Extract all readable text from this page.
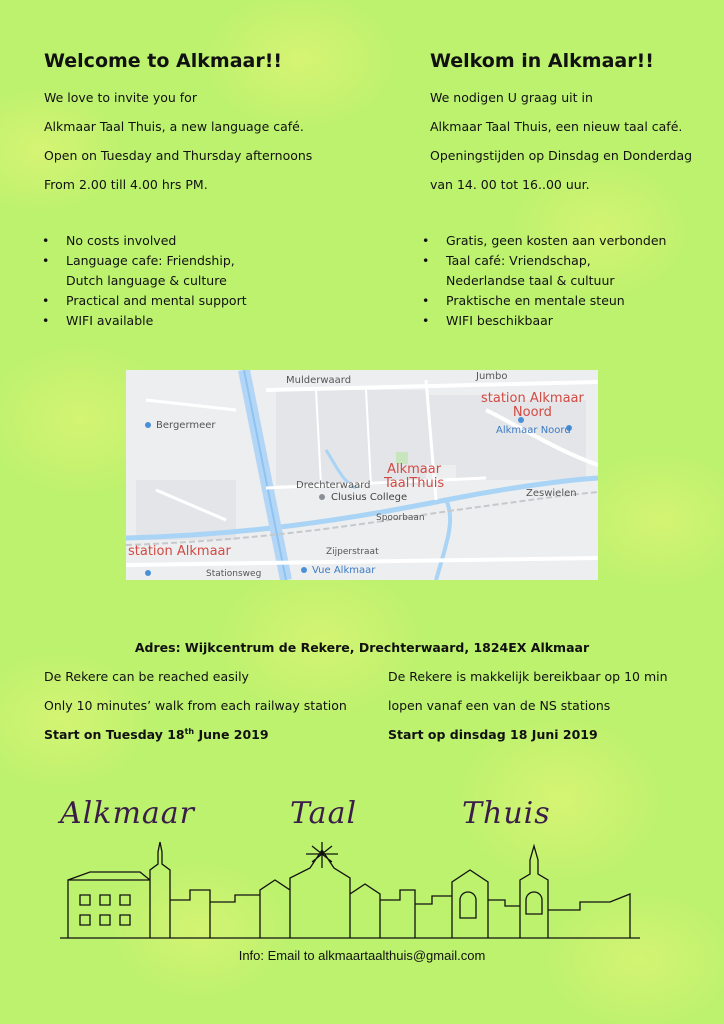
Welcome to Alkmaar!!
We love to invite you for
Alkmaar Taal Thuis, a new language café.
Open on Tuesday and Thursday afternoons
From 2.00 till 4.00 hrs PM.
Welkom in Alkmaar!!
We nodigen U graag uit in
Alkmaar Taal Thuis, een nieuw taal café.
Openingstijden op Dinsdag en Donderdag
van 14. 00 tot 16..00 uur.
• No costs involved
• Language cafe: Friendship,
Dutch language & culture
• Practical and mental support
• WIFI available
• Gratis, geen kosten aan verbonden
• Taal café: Vriendschap,
Nederlandse taal & cultuur
• Praktische en mentale steun
• WIFI beschikbaar
Mulderwaard	Jumbo
Bergermeer
Drechterwaard
Clusius College
Alkmaar Noord
Zeswielen
Spoorbaan
Zijperstraat
Stationsweg	Vue Alkmaar
station Alkmaar
Noord
Alkmaar
TaalThuis
station Alkmaar
Adres: Wijkcentrum de Rekere, Drechterwaard, 1824EX Alkmaar
De Rekere can be reached easily
Only 10 minutes’ walk from each railway station
Start on Tuesday 18th June 2019
De Rekere is makkelijk bereikbaar op 10 min
lopen vanaf een van de NS stations
Start op dinsdag 18 Juni 2019
Alkmaar	Taal	Thuis
Info: Email to alkmaartaalthuis@gmail.com
